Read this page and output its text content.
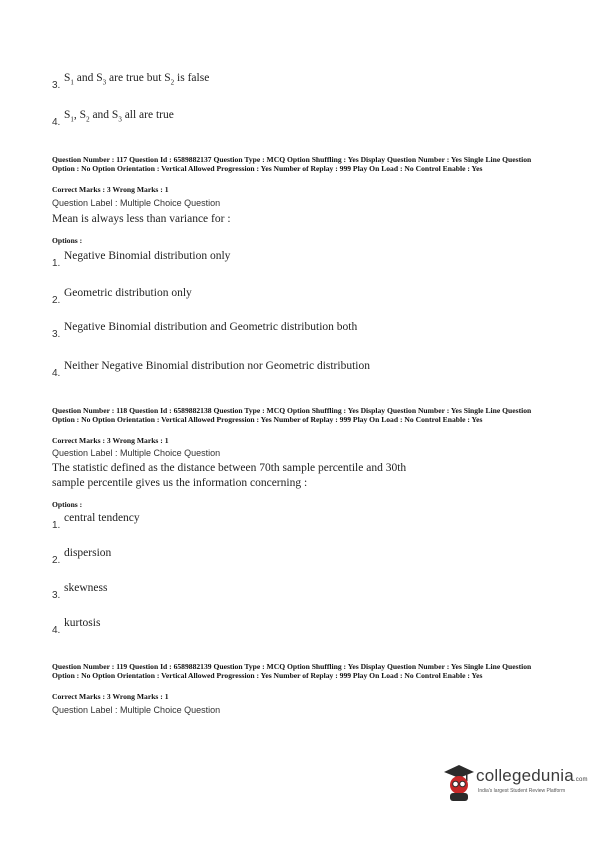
3.
$S_1$ and $S_3$ are true but $S_2$ is false
4.
$S_1$, $S_2$ and $S_3$ all are true
Question Number : 117 Question Id : 6589882137 Question Type : MCQ Option Shuffling : Yes Display Question Number : Yes Single Line Question Option : No Option Orientation : Vertical Allowed Progression : Yes Number of Replay : 999 Play On Load : No Control Enable : Yes
Correct Marks : 3 Wrong Marks : 1
Question Label : Multiple Choice Question
Mean is always less than variance for :
Options :
1.
Negative Binomial distribution only
2.
Geometric distribution only
3.
Negative Binomial distribution and Geometric distribution both
4.
Neither Negative Binomial distribution nor Geometric distribution
Question Number : 118 Question Id : 6589882138 Question Type : MCQ Option Shuffling : Yes Display Question Number : Yes Single Line Question Option : No Option Orientation : Vertical Allowed Progression : Yes Number of Replay : 999 Play On Load : No Control Enable : Yes
Correct Marks : 3 Wrong Marks : 1
Question Label : Multiple Choice Question
The statistic defined as the distance between 70th sample percentile and 30th
sample percentile gives us the information concerning :
Options :
1.
central tendency
2.
dispersion
3.
skewness
4.
kurtosis
Question Number : 119 Question Id : 6589882139 Question Type : MCQ Option Shuffling : Yes Display Question Number : Yes Single Line Question Option : No Option Orientation : Vertical Allowed Progression : Yes Number of Replay : 999 Play On Load : No Control Enable : Yes
Correct Marks : 3 Wrong Marks : 1
Question Label : Multiple Choice Question
collegedunia.com
India's largest Student Review Platform
